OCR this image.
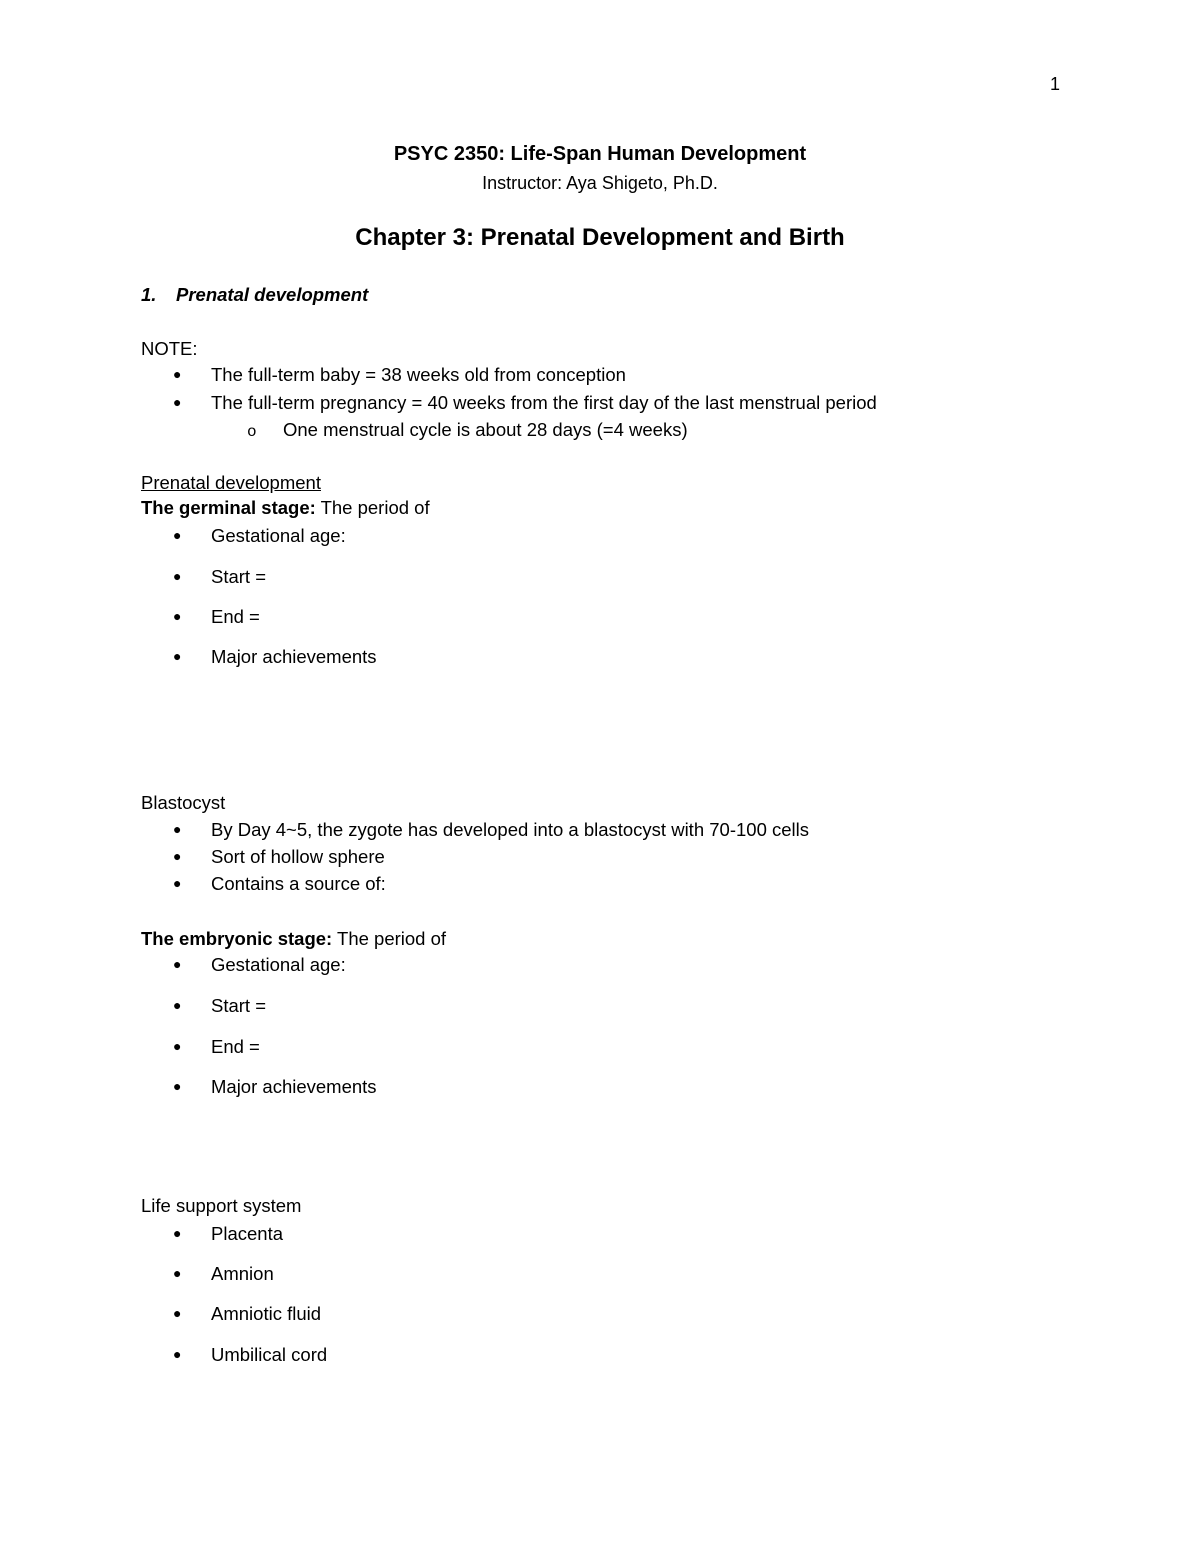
1
PSYC 2350: Life-Span Human Development
Instructor: Aya Shigeto, Ph.D.
Chapter 3: Prenatal Development and Birth
1. Prenatal development
NOTE:
● The full-term baby = 38 weeks old from conception
● The full-term pregnancy = 40 weeks from the first day of the last menstrual period
o One menstrual cycle is about 28 days (=4 weeks)
Prenatal development
The germinal stage: The period of
● Gestational age:
● Start =
● End =
● Major achievements
Blastocyst
● By Day 4~5, the zygote has developed into a blastocyst with 70-100 cells
● Sort of hollow sphere
● Contains a source of:
The embryonic stage: The period of
● Gestational age:
● Start =
● End =
● Major achievements
Life support system
● Placenta
● Amnion
● Amniotic fluid
● Umbilical cord
